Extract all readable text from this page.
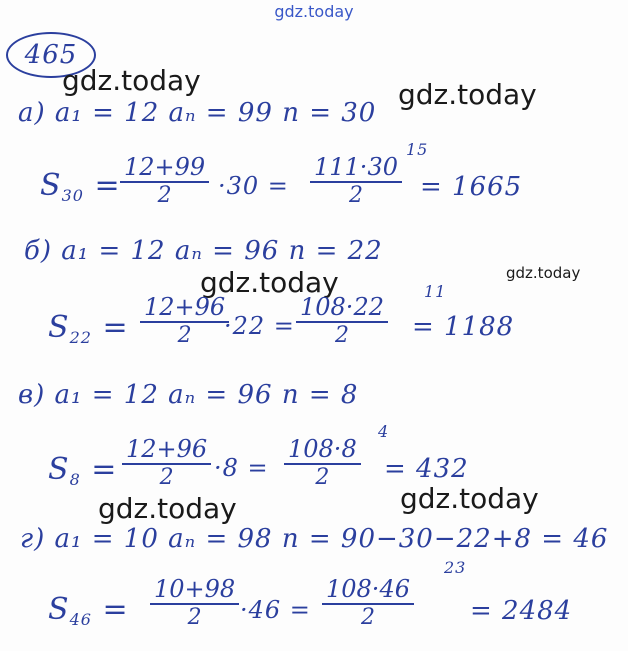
gdz.today
465
gdz.today	gdz.today
gdz.today	gdz.today
gdz.today	gdz.today
а) a₁ = 12 aₙ = 99 n = 30
$S_{30}$ =
12+99
2 ·30 =
111·30
2
15
= 1665
б) a₁ = 12 aₙ = 96 n = 22
$S_{22}$ =
12+96
2 ·22 =
108·22
2
11
= 1188
в) a₁ = 12 aₙ = 96 n = 8
$S_8$ =
12+96
2 ·8 =
108·8
2
4
= 432
г) a₁ = 10 aₙ = 98 n = 90−30−22+8 = 46
$S_{46}$ =
10+98
2 ·46 =
108·46
2
23
= 2484
